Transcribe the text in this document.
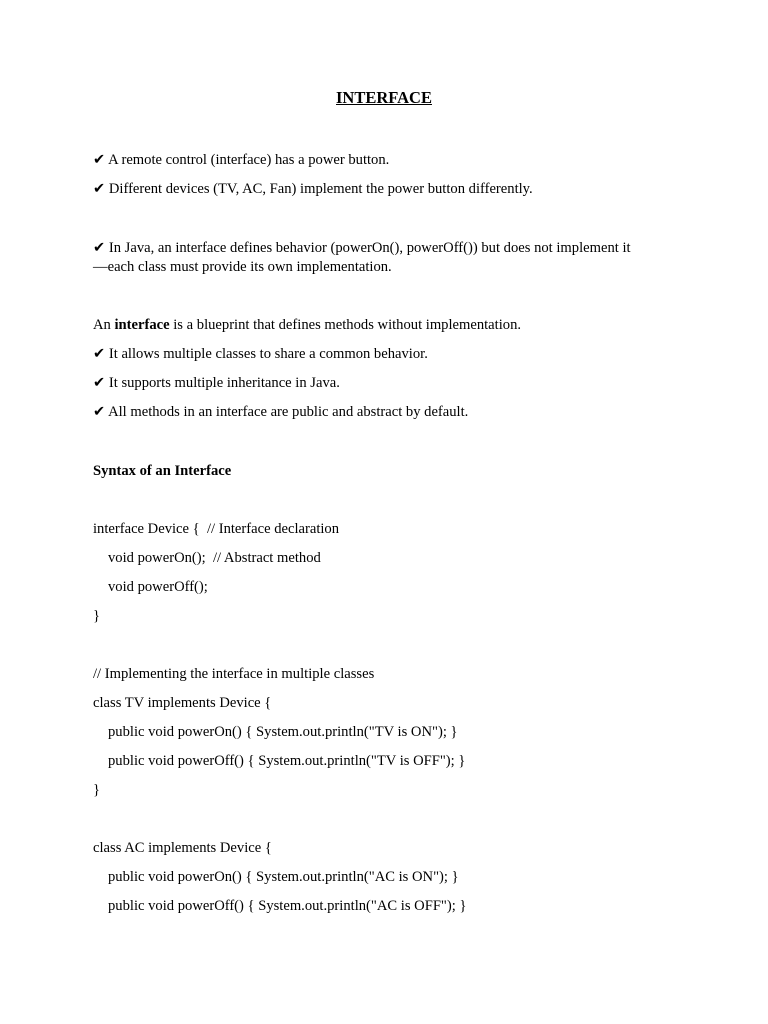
INTERFACE
✔ A remote control (interface) has a power button.
✔ Different devices (TV, AC, Fan) implement the power button differently.
✔ In Java, an interface defines behavior (powerOn(), powerOff()) but does not implement it
—each class must provide its own implementation.
An interface is a blueprint that defines methods without implementation.
✔ It allows multiple classes to share a common behavior.
✔ It supports multiple inheritance in Java.
✔ All methods in an interface are public and abstract by default.
Syntax of an Interface
interface Device {  // Interface declaration
void powerOn();  // Abstract method
void powerOff();
}
// Implementing the interface in multiple classes
class TV implements Device {
public void powerOn() { System.out.println("TV is ON"); }
public void powerOff() { System.out.println("TV is OFF"); }
}
class AC implements Device {
public void powerOn() { System.out.println("AC is ON"); }
public void powerOff() { System.out.println("AC is OFF"); }
